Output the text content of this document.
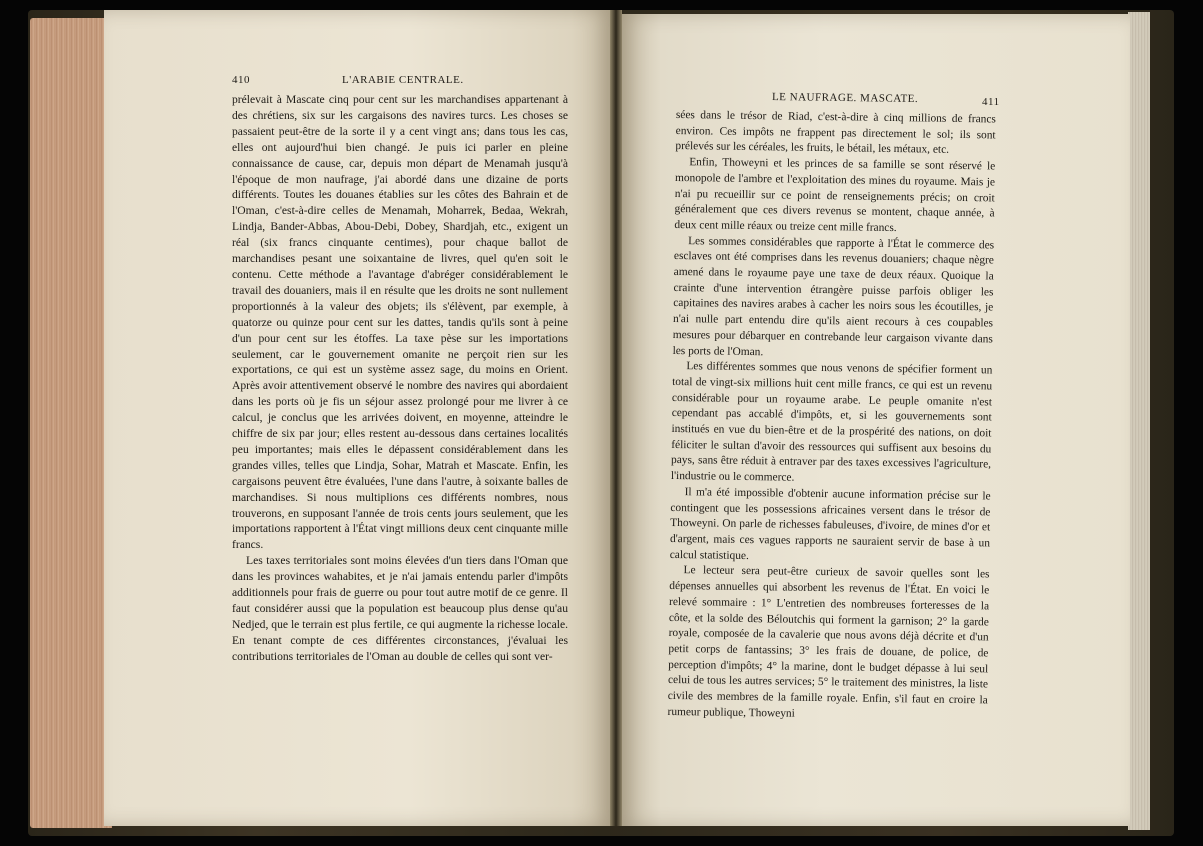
410	L'ARABIE CENTRALE.

prélevait à Mascate cinq pour cent sur les marchandises appartenant à des chrétiens, six sur les cargaisons des navires turcs. Les choses se passaient peut-être de la sorte il y a cent vingt ans; dans tous les cas, elles ont aujourd'hui bien changé. Je puis ici parler en pleine connaissance de cause, car, depuis mon départ de Menamah jusqu'à l'époque de mon naufrage, j'ai abordé dans une dizaine de ports différents. Toutes les douanes établies sur les côtes des Bahrain et de l'Oman, c'est-à-dire celles de Menamah, Moharrek, Bedaa, Wekrah, Lindja, Bander-Abbas, Abou-Debi, Dobey, Shardjah, etc., exigent un réal (six francs cinquante centimes), pour chaque ballot de marchandises pesant une soixantaine de livres, quel qu'en soit le contenu. Cette méthode a l'avantage d'abréger considérablement le travail des douaniers, mais il en résulte que les droits ne sont nullement proportionnés à la valeur des objets; ils s'élèvent, par exemple, à quatorze ou quinze pour cent sur les dattes, tandis qu'ils sont à peine d'un pour cent sur les étoffes. La taxe pèse sur les importations seulement, car le gouvernement omanite ne perçoit rien sur les exportations, ce qui est un système assez sage, du moins en Orient. Après avoir attentivement observé le nombre des navires qui abordaient dans les ports où je fis un séjour assez prolongé pour me livrer à ce calcul, je conclus que les arrivées doivent, en moyenne, atteindre le chiffre de six par jour; elles restent au-dessous dans certaines localités peu importantes; mais elles le dépassent considérablement dans les grandes villes, telles que Lindja, Sohar, Matrah et Mascate. Enfin, les cargaisons peuvent être évaluées, l'une dans l'autre, à soixante balles de marchandises. Si nous multiplions ces différents nombres, nous trouverons, en supposant l'année de trois cents jours seulement, que les importations rapportent à l'État vingt millions deux cent cinquante mille francs.

Les taxes territoriales sont moins élevées d'un tiers dans l'Oman que dans les provinces wahabites, et je n'ai jamais entendu parler d'impôts additionnels pour frais de guerre ou pour tout autre motif de ce genre. Il faut considérer aussi que la population est beaucoup plus dense qu'au Nedjed, que le terrain est plus fertile, ce qui augmente la richesse locale. En tenant compte de ces différentes circonstances, j'évaluai les contributions territoriales de l'Oman au double de celles qui sont ver-

LE NAUFRAGE. MASCATE.	411

sées dans le trésor de Riad, c'est-à-dire à cinq millions de francs environ. Ces impôts ne frappent pas directement le sol; ils sont prélevés sur les céréales, les fruits, le bétail, les métaux, etc.

Enfin, Thoweyni et les princes de sa famille se sont réservé le monopole de l'ambre et l'exploitation des mines du royaume. Mais je n'ai pu recueillir sur ce point de renseignements précis; on croit généralement que ces divers revenus se montent, chaque année, à deux cent mille réaux ou treize cent mille francs.

Les sommes considérables que rapporte à l'État le commerce des esclaves ont été comprises dans les revenus douaniers; chaque nègre amené dans le royaume paye une taxe de deux réaux. Quoique la crainte d'une intervention étrangère puisse parfois obliger les capitaines des navires arabes à cacher les noirs sous les écoutilles, je n'ai nulle part entendu dire qu'ils aient recours à ces coupables mesures pour débarquer en contrebande leur cargaison vivante dans les ports de l'Oman.

Les différentes sommes que nous venons de spécifier forment un total de vingt-six millions huit cent mille francs, ce qui est un revenu considérable pour un royaume arabe. Le peuple omanite n'est cependant pas accablé d'impôts, et, si les gouvernements sont institués en vue du bien-être et de la prospérité des nations, on doit féliciter le sultan d'avoir des ressources qui suffisent aux besoins du pays, sans être réduit à entraver par des taxes excessives l'agriculture, l'industrie ou le commerce.

Il m'a été impossible d'obtenir aucune information précise sur le contingent que les possessions africaines versent dans le trésor de Thoweyni. On parle de richesses fabuleuses, d'ivoire, de mines d'or et d'argent, mais ces vagues rapports ne sauraient servir de base à un calcul statistique.

Le lecteur sera peut-être curieux de savoir quelles sont les dépenses annuelles qui absorbent les revenus de l'État. En voici le relevé sommaire : 1° L'entretien des nombreuses forteresses de la côte, et la solde des Béloutchis qui forment la garnison; 2° la garde royale, composée de la cavalerie que nous avons déjà décrite et d'un petit corps de fantassins; 3° les frais de douane, de police, de perception d'impôts; 4° la marine, dont le budget dépasse à lui seul celui de tous les autres services; 5° le traitement des ministres, la liste civile des membres de la famille royale. Enfin, s'il faut en croire la rumeur publique, Thoweyni
